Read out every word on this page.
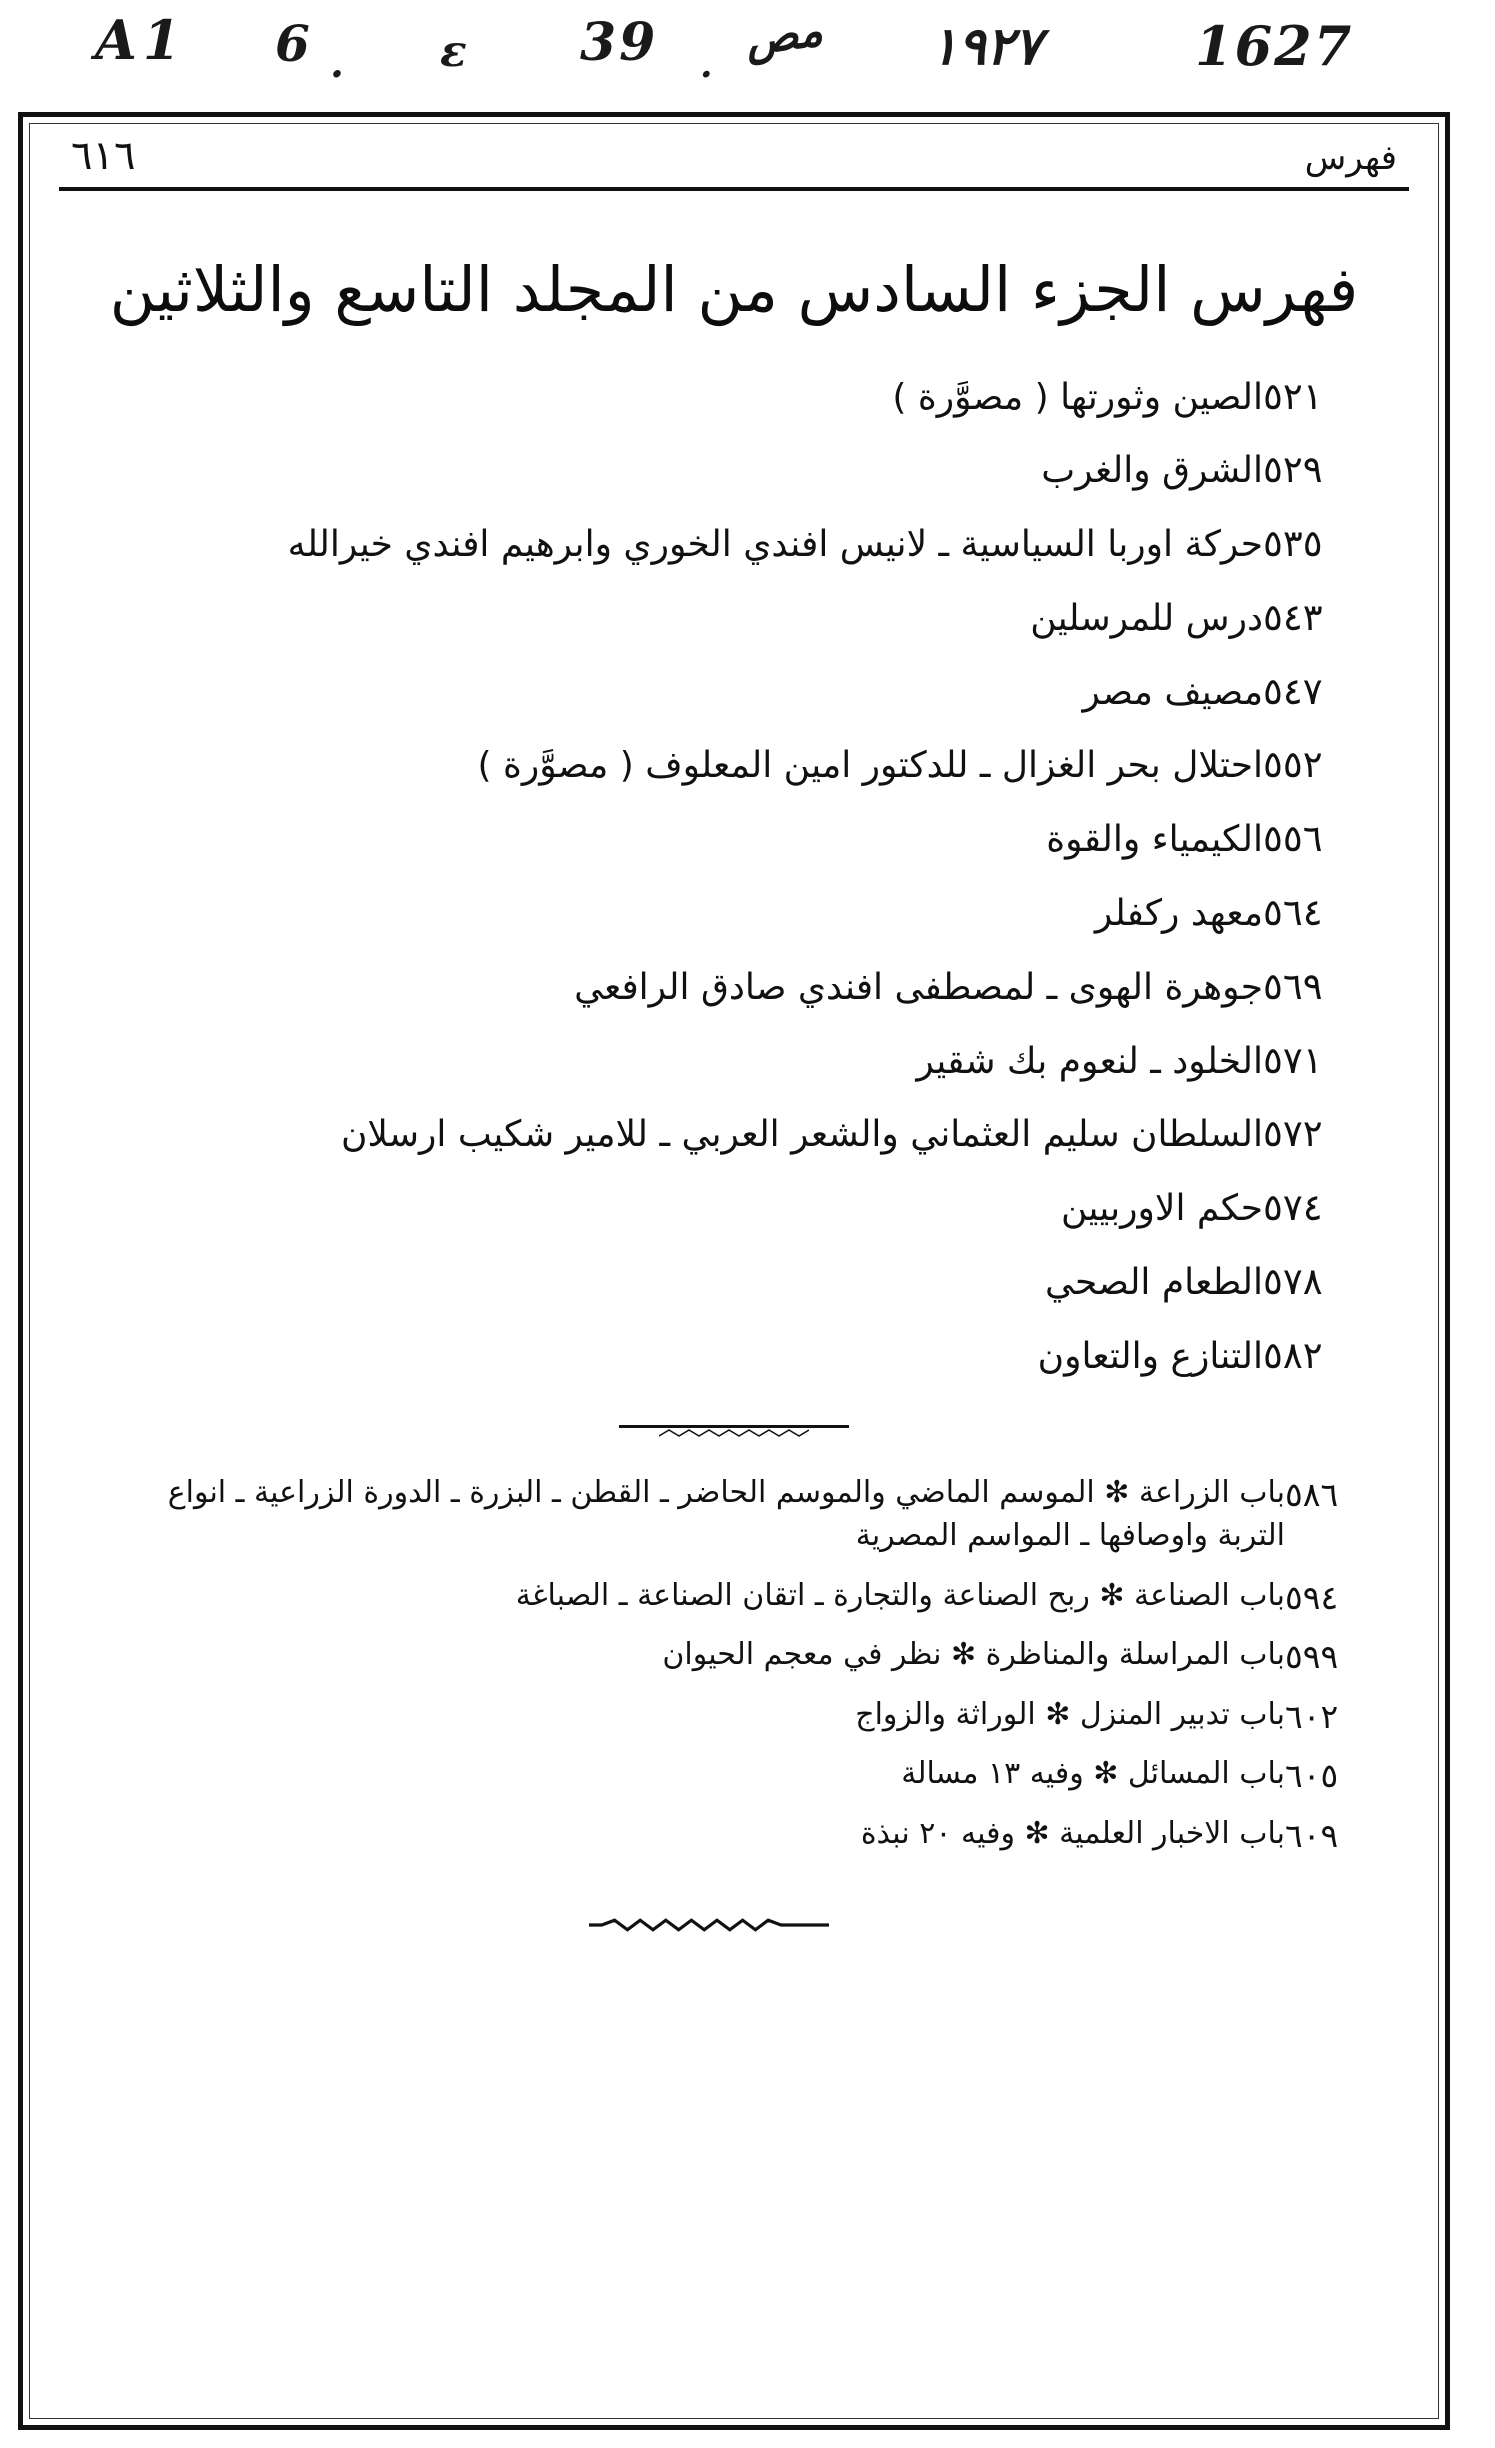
A1 6 . ε 39 . مص ١٩٢٧	1627
٦١٦	فهرس
فهرس الجزء السادس من المجلد التاسع والثلاثين
٥٢١
الصين وثورتها ( مصوَّرة )
٥٢٩
الشرق والغرب
٥٣٥
حركة اوربا السياسية ـ لانيس افندي الخوري وابرهيم افندي خيرالله
٥٤٣
درس للمرسلين
٥٤٧
مصيف مصر
٥٥٢
احتلال بحر الغزال ـ للدكتور امين المعلوف ( مصوَّرة )
٥٥٦
الكيمياء والقوة
٥٦٤
معهد ركفلر
٥٦٩
جوهرة الهوى ـ لمصطفى افندي صادق الرافعي
٥٧١
الخلود ـ لنعوم بك شقير
٥٧٢
السلطان سليم العثماني والشعر العربي ـ للامير شكيب ارسلان
٥٧٤
حكم الاوربيين
٥٧٨
الطعام الصحي
٥٨٢
التنازع والتعاون
٥٨٦
باب الزراعة ✻ الموسم الماضي والموسم الحاضر ـ القطن ـ البزرة ـ الدورة الزراعية ـ انواع التربة واوصافها ـ المواسم المصرية
٥٩٤
باب الصناعة ✻ ربح الصناعة والتجارة ـ اتقان الصناعة ـ الصباغة
٥٩٩
باب المراسلة والمناظرة ✻ نظر في معجم الحيوان
٦٠٢
باب تدبير المنزل ✻ الوراثة والزواج
٦٠٥
باب المسائل ✻ وفيه ١٣ مسالة
٦٠٩
باب الاخبار العلمية ✻ وفيه ٢٠ نبذة
